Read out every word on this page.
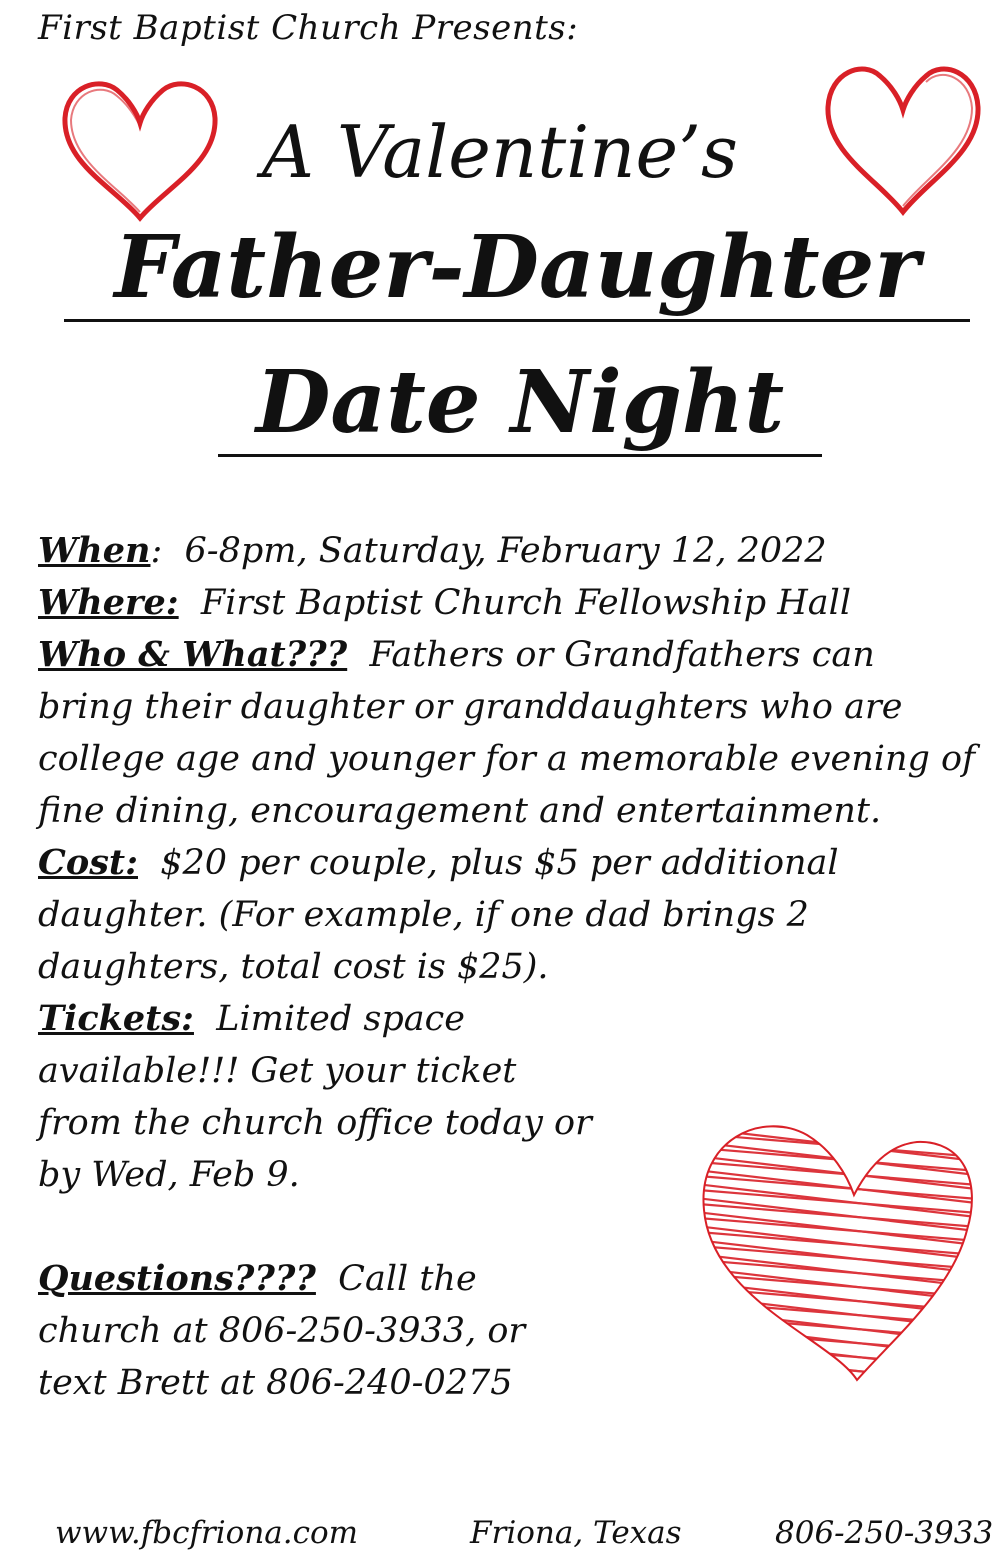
First Baptist Church Presents:
A Valentine’s
Father-Daughter
Date Night

When: 6-8pm, Saturday, February 12, 2022

Where: First Baptist Church Fellowship Hall

Who & What??? Fathers or Grandfathers can bring their daughter or granddaughters who are college age and younger for a memorable evening of fine dining, encouragement and entertainment.

Cost: $20 per couple, plus $5 per additional daughter. (For example, if one dad brings 2 daughters, total cost is $25).

Tickets: Limited space available!!! Get your ticket from the church office today or by Wed, Feb 9.

Questions???? Call the church at 806-250-3933, or text Brett at 806-240-0275

www.fbcfriona.com	Friona, Texas	806-250-3933
